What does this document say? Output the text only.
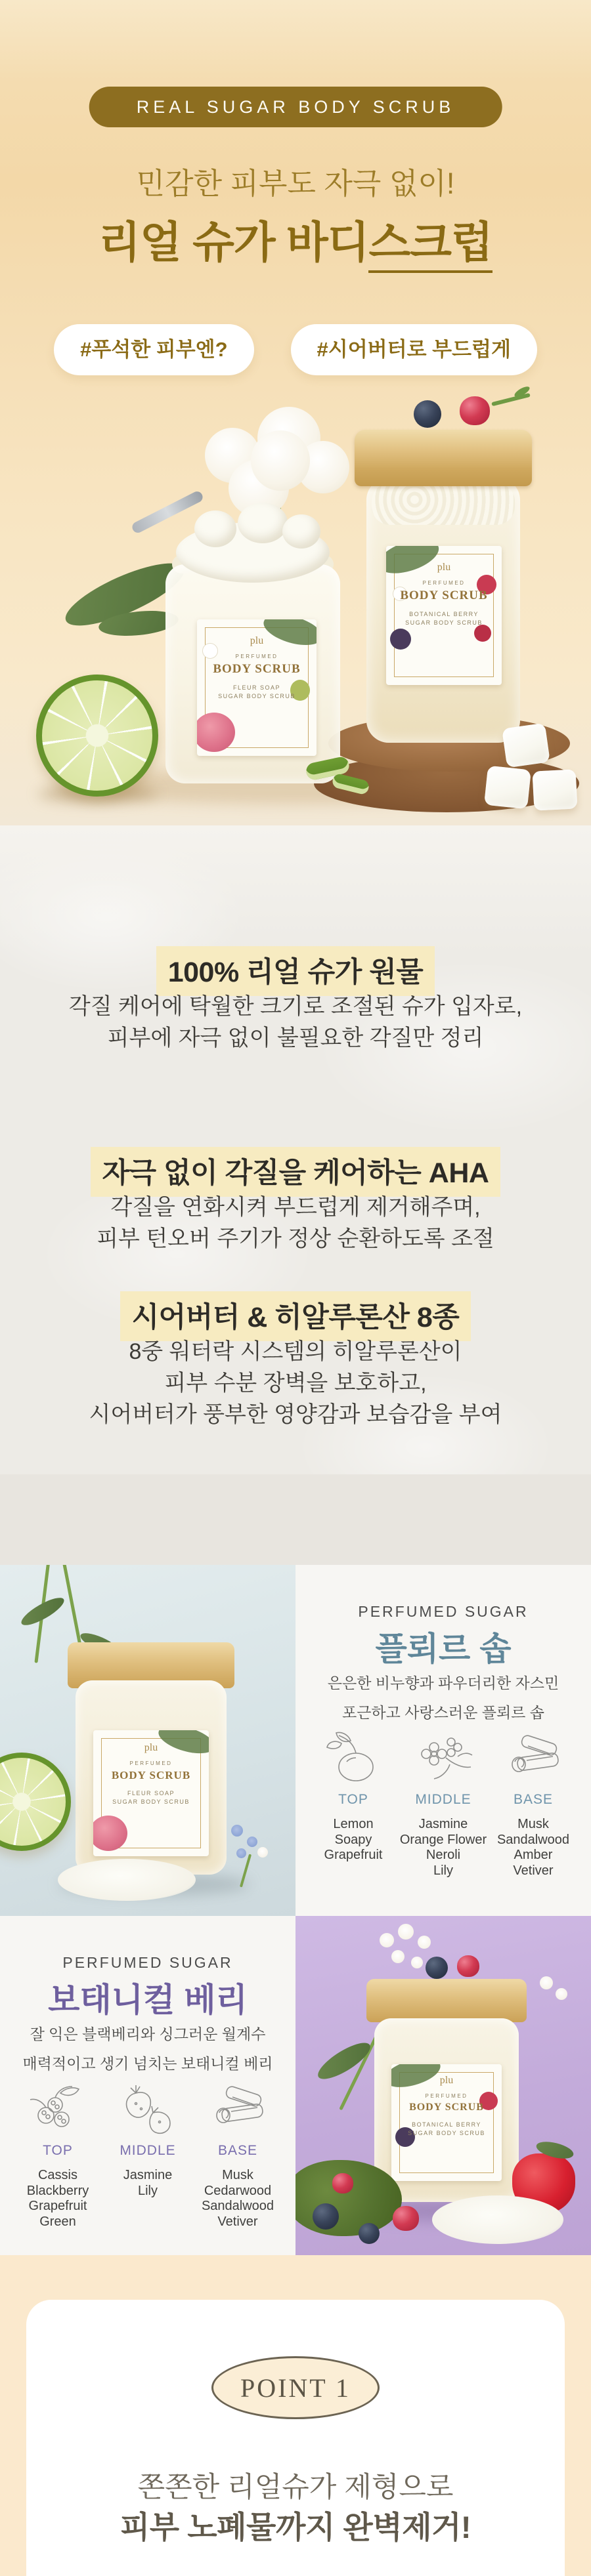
REAL SUGAR BODY SCRUB
민감한 피부도 자극 없이!
리얼 슈가 바디스크럽
#푸석한 피부엔?	#시어버터로 부드럽게
plu
PERFUMED
BODY SCRUB
BOTANICAL BERRY
SUGAR BODY SCRUB
plu
PERFUMED
BODY SCRUB
FLEUR SOAP
SUGAR BODY SCRUB
100% 리얼 슈가 원물
각질 케어에 탁월한 크기로 조절된 슈가 입자로,
피부에 자극 없이 불필요한 각질만 정리
자극 없이 각질을 케어하는 AHA
각질을 연화시켜 부드럽게 제거해주며,
피부 턴오버 주기가 정상 순환하도록 조절
시어버터 & 히알루론산 8종
8중 워터락 시스템의 히알루론산이
피부 수분 장벽을 보호하고,
시어버터가 풍부한 영양감과 보습감을 부여
plu
PERFUMED
BODY SCRUB
FLEUR SOAP
SUGAR BODY SCRUB
PERFUMED SUGAR
플뢰르 솝
은은한 비누향과 파우더리한 자스민
포근하고 사랑스러운 플뢰르 솝
TOP
Lemon
Soapy
Grapefruit
MIDDLE
Jasmine
Orange Flower
Neroli
Lily
BASE
Musk
Sandalwood
Amber
Vetiver
PERFUMED SUGAR
보태니컬 베리
잘 익은 블랙베리와 싱그러운 월계수
매력적이고 생기 넘치는 보태니컬 베리
TOP
Cassis
Blackberry
Grapefruit
Green
MIDDLE
Jasmine
Lily
BASE
Musk
Cedarwood
Sandalwood
Vetiver
plu
PERFUMED
BODY SCRUB
BOTANICAL BERRY
SUGAR BODY SCRUB
POINT 1
쫀쫀한 리얼슈가 제형으로
피부 노폐물까지 완벽제거!
